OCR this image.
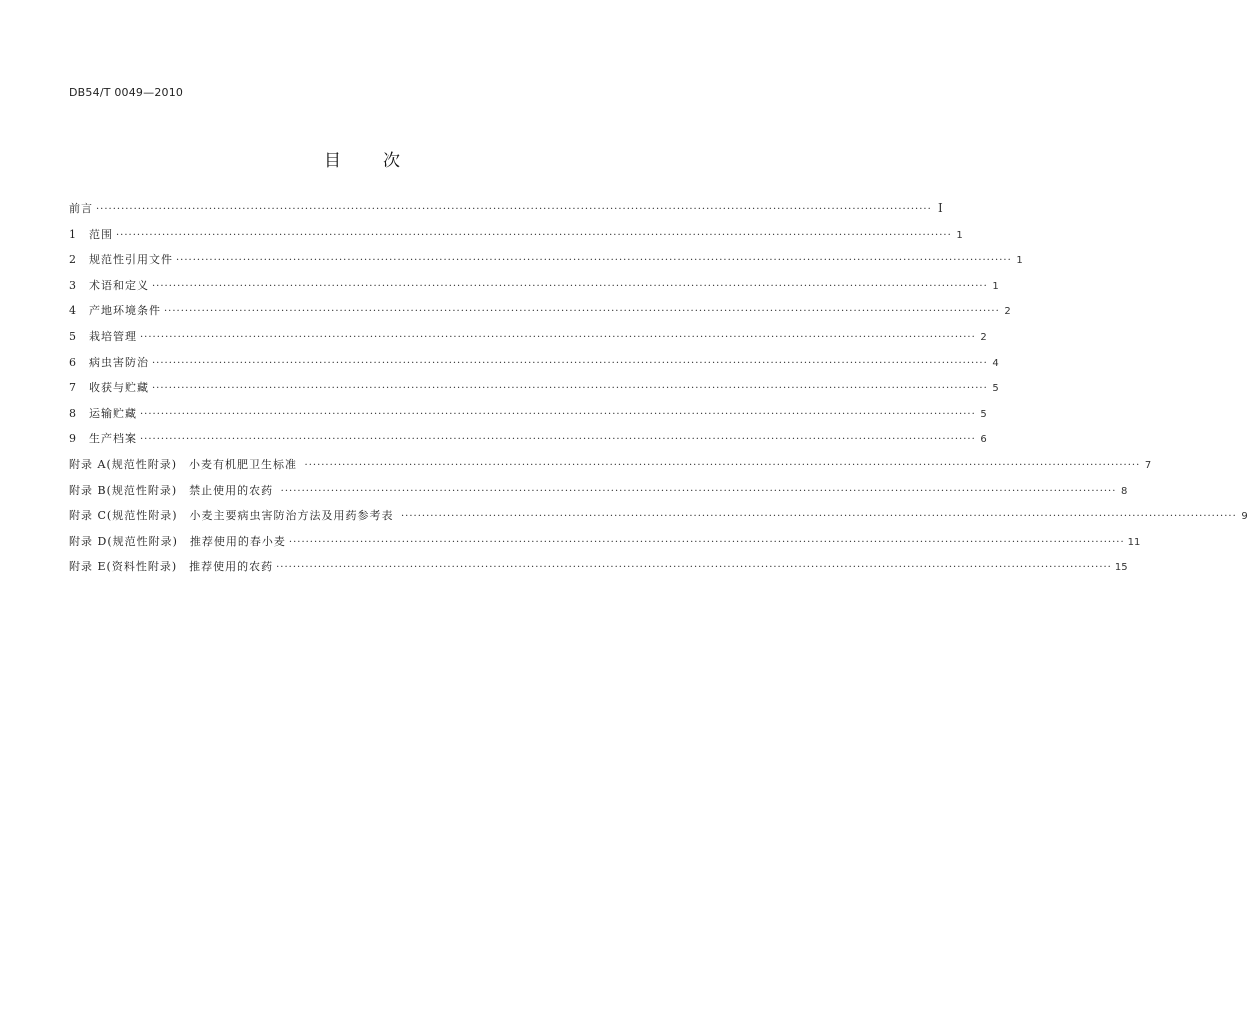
DB54/T 0049—2010
目次
前言 ········································································································································································································ I
1　范围 ········································································································································································································ 1
2　规范性引用文件 ········································································································································································································ 1
3　术语和定义 ········································································································································································································ 1
4　产地环境条件 ········································································································································································································ 2
5　栽培管理 ········································································································································································································ 2
6　病虫害防治 ········································································································································································································ 4
7　收获与贮藏 ········································································································································································································ 5
8　运输贮藏 ········································································································································································································ 5
9　生产档案 ········································································································································································································ 6
附录 A(规范性附录)　小麦有机肥卫生标准 ········································································································································································································ 7
附录 B(规范性附录)　禁止使用的农药 ········································································································································································································ 8
附录 C(规范性附录)　小麦主要病虫害防治方法及用药参考表 ········································································································································································································ 9
附录 D(规范性附录)　推荐使用的春小麦 ········································································································································································································ 11
附录 E(资料性附录)　推荐使用的农药 ········································································································································································································ 15
